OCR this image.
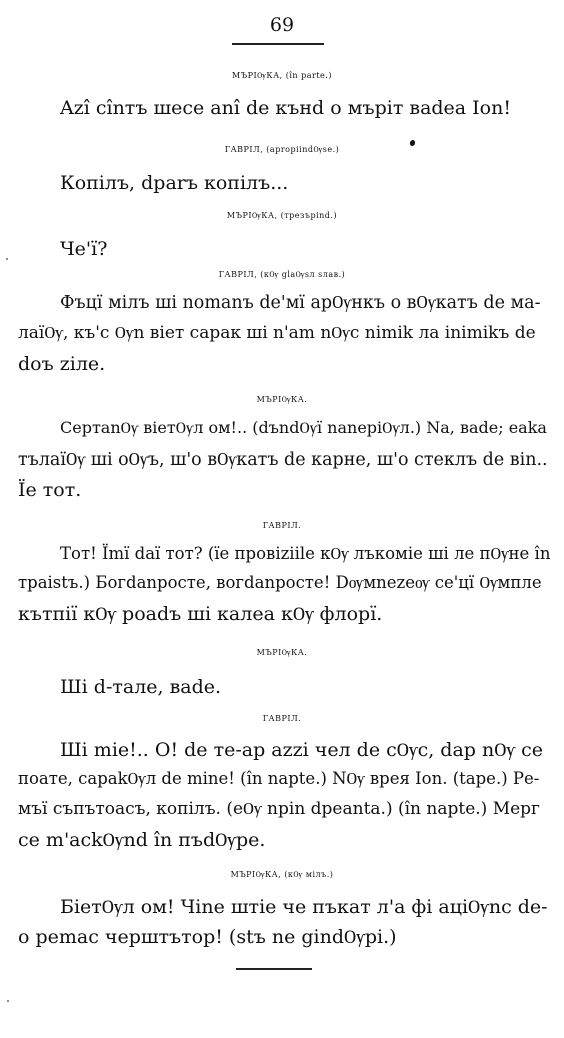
69
МЪРІѸКА, (în parte.)
Azî cînтъ шece anî de кънd o мъріт вadea Ion!
ГАВРІЛ, (apropiindѸse.)
Копілъ, dparъ копілъ...
МЪРІѸКА, (трезърind.)
Че'ї?
ГАВРІЛ, (кѸ glaѸѕл sлав.)
Фъцї мілъ шi nomanъ de'мї apѸнкъ o вѸкатъ de ма-
лаїѸ, къ'c Ѹn віет capaк шi n'am nѸc nimik ла inimikъ de
doъ zіле.
МЪРІѸКА.
СертаnѸ віетѸл ом!.. (dъndѸї nanepiѸл.) Na, вade; eaka
тълаїѸ шi oѸъ, ш'о вѸкатъ de карне, ш'о стеклъ de вin..
Ïe тот.
ГАВРІЛ.
Тот! Їmї daї тот? (ïe провіziile кѸ лъкоміе шi ле пѸне în
траistъ.) Бoгdanpocтe, вoгdanpocтe! Dѹмnezeѹ ce'цї Ѹмпле
кътпії кѸ poadъ шi калea кѸ флорї.
МЪРІѸКА.
Шi d-тале, вade.
ГАВРІЛ.
Шi mie!.. O! de те-ар azzi чел de cѸc, dap nѸ ce
поате, capakѸл de mine! (în napte.) NѸ врея Ion. (tape.) Ре-
мъї съпътоасъ, копілъ. (eѸ npin dpeanta.) (în napte.) Мерг
ce m'ackѸnd în пъdѸpe.
МЪРІѸКА, (кѸ мілъ.)
БіетѸл ом! Чіne штіе че пъкат л'a фі аціѸnc de-
o pemac черштътор! (stъ ne gindѸpi.)
